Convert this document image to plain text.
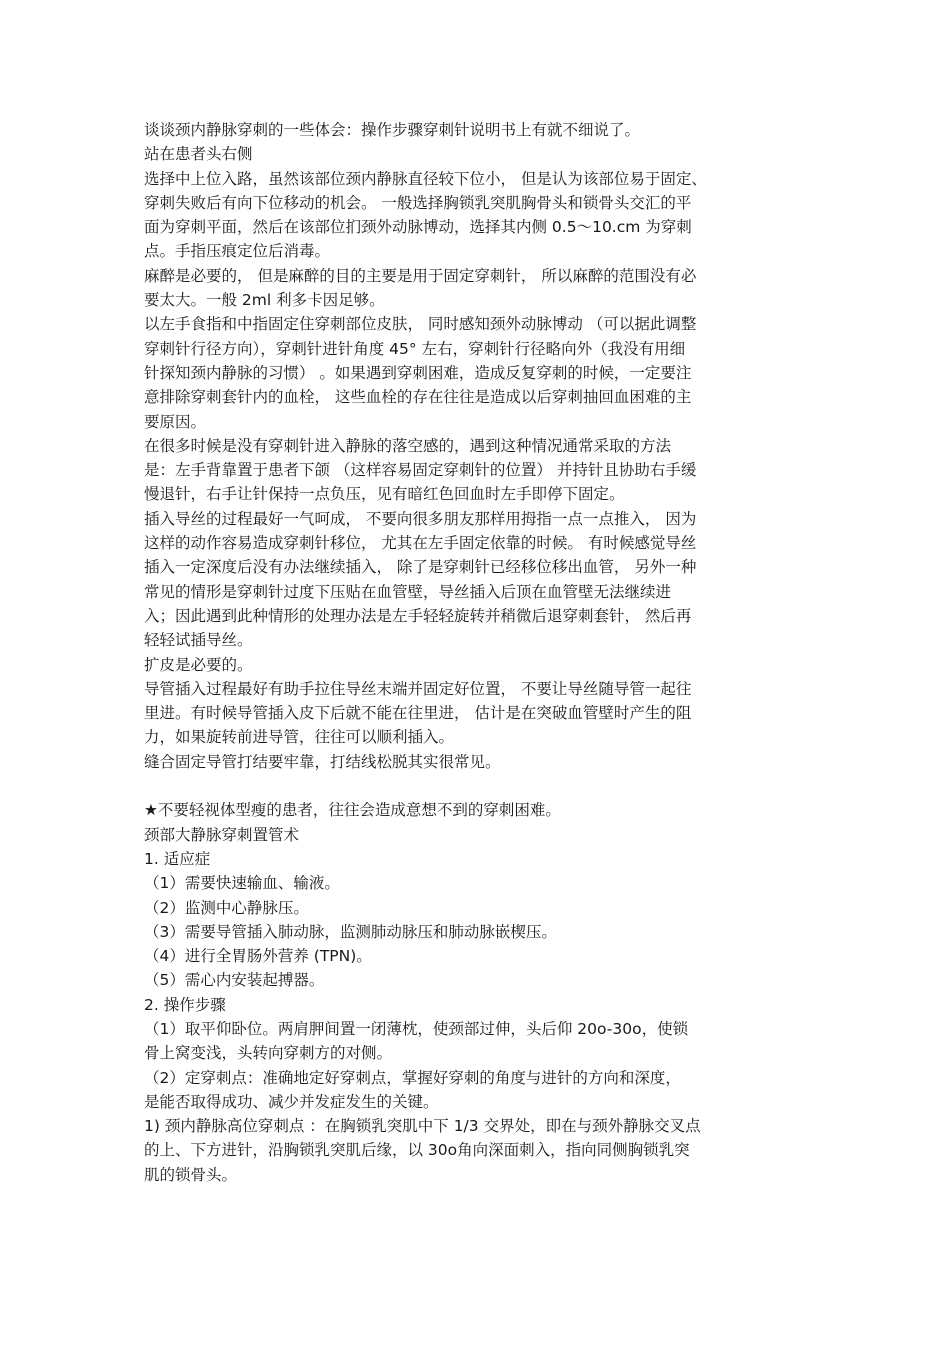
谈谈颈内静脉穿刺的一些体会：操作步骤穿刺针说明书上有就不细说了。
站在患者头右侧
选择中上位入路，虽然该部位颈内静脉直径较下位小， 但是认为该部位易于固定、
穿刺失败后有向下位移动的机会。 一般选择胸锁乳突肌胸骨头和锁骨头交汇的平
面为穿刺平面，然后在该部位扪颈外动脉博动，选择其内侧 0.5～10.cm 为穿刺
点。手指压痕定位后消毒。
麻醉是必要的， 但是麻醉的目的主要是用于固定穿刺针， 所以麻醉的范围没有必
要太大。一般 2ml 利多卡因足够。
以左手食指和中指固定住穿刺部位皮肤， 同时感知颈外动脉博动 （可以据此调整
穿刺针行径方向），穿刺针进针角度 45° 左右，穿刺针行径略向外（我没有用细
针探知颈内静脉的习惯） 。如果遇到穿刺困难，造成反复穿刺的时候，一定要注
意排除穿刺套针内的血栓， 这些血栓的存在往往是造成以后穿刺抽回血困难的主
要原因。
在很多时候是没有穿刺针进入静脉的落空感的，遇到这种情况通常采取的方法
是：左手背靠置于患者下颌 （这样容易固定穿刺针的位置） 并持针且协助右手缓
慢退针，右手让针保持一点负压，见有暗红色回血时左手即停下固定。
插入导丝的过程最好一气呵成， 不要向很多朋友那样用拇指一点一点推入， 因为
这样的动作容易造成穿刺针移位， 尤其在左手固定依靠的时候。 有时候感觉导丝
插入一定深度后没有办法继续插入， 除了是穿刺针已经移位移出血管， 另外一种
常见的情形是穿刺针过度下压贴在血管壁，导丝插入后顶在血管壁无法继续进
入；因此遇到此种情形的处理办法是左手轻轻旋转并稍微后退穿刺套针， 然后再
轻轻试插导丝。
扩皮是必要的。
导管插入过程最好有助手拉住导丝末端并固定好位置， 不要让导丝随导管一起往
里进。有时候导管插入皮下后就不能在往里进， 估计是在突破血管壁时产生的阻
力，如果旋转前进导管，往往可以顺利插入。
缝合固定导管打结要牢靠，打结线松脱其实很常见。
★不要轻视体型瘦的患者，往往会造成意想不到的穿刺困难。
颈部大静脉穿刺置管术
1. 适应症
（1）需要快速输血、输液。
（2）监测中心静脉压。
（3）需要导管插入肺动脉，监测肺动脉压和肺动脉嵌楔压。
（4）进行全胃肠外营养 (TPN)。
（5）需心内安装起搏器。
2. 操作步骤
（1）取平仰卧位。两肩胛间置一闭薄枕，使颈部过伸，头后仰 20o-30o，使锁
骨上窝变浅，头转向穿刺方的对侧。
（2）定穿刺点：准确地定好穿刺点，掌握好穿刺的角度与进针的方向和深度，
是能否取得成功、减少并发症发生的关键。
1) 颈内静脉高位穿刺点 ：在胸锁乳突肌中下 1/3 交界处，即在与颈外静脉交叉点
的上、下方进针，沿胸锁乳突肌后缘，以 30o角向深面刺入，指向同侧胸锁乳突
肌的锁骨头。
